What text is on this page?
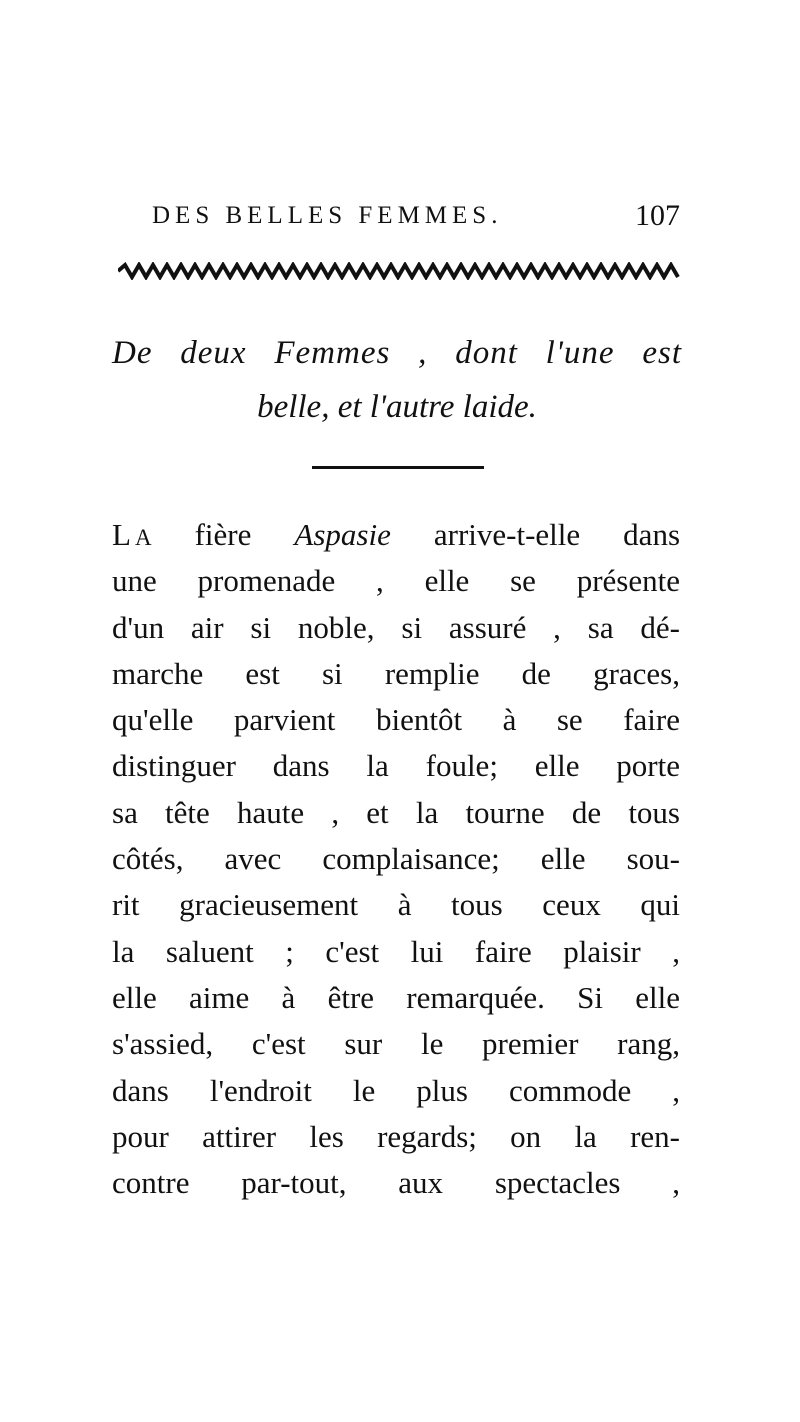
DES BELLES FEMMES.	107
De deux Femmes , dont l'une est
belle, et l'autre laide.
LA fière Aspasie arrive-t-elle dans
une promenade , elle se présente
d'un air si noble, si assuré , sa dé-
marche est si remplie de graces,
qu'elle parvient bientôt à se faire
distinguer dans la foule; elle porte
sa tête haute , et la tourne de tous
côtés, avec complaisance; elle sou-
rit gracieusement à tous ceux qui
la saluent ; c'est lui faire plaisir ,
elle aime à être remarquée. Si elle
s'assied, c'est sur le premier rang,
dans l'endroit le plus commode ,
pour attirer les regards; on la ren-
contre par-tout, aux spectacles ,
